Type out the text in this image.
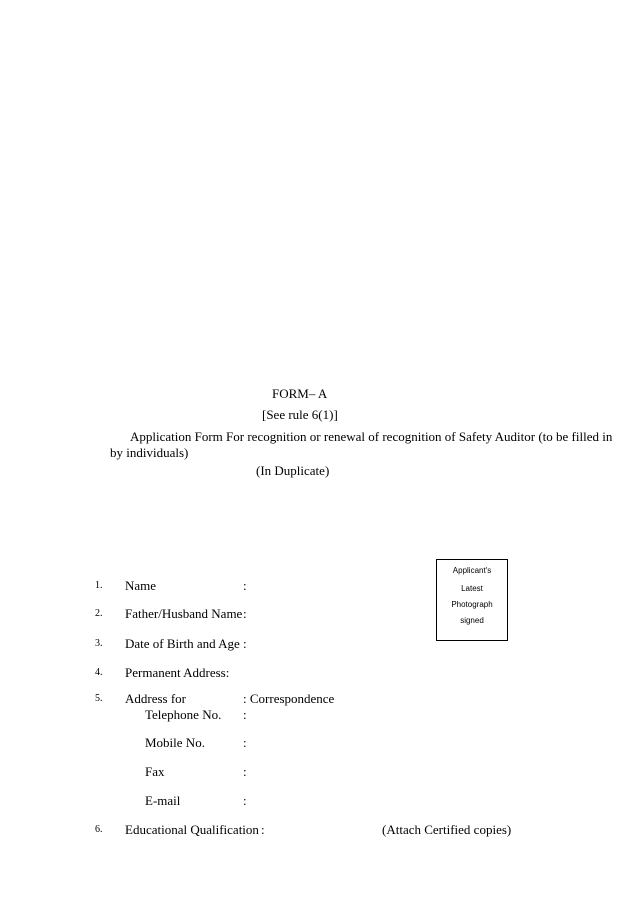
FORM– A
[See rule 6(1)]
Application Form For recognition or renewal of recognition of Safety Auditor (to be filled in
by individuals)
(In Duplicate)
Applicant's
Latest
Photograph
signed
1. Name	:
2. Father/Husband Name :
3. Date of Birth and Age :
4. Permanent Address:
5. Address for	: Correspondence
Telephone No. :
Mobile No.	:
Fax	:
E-mail	:
6. Educational Qualification :	(Attach Certified copies)
